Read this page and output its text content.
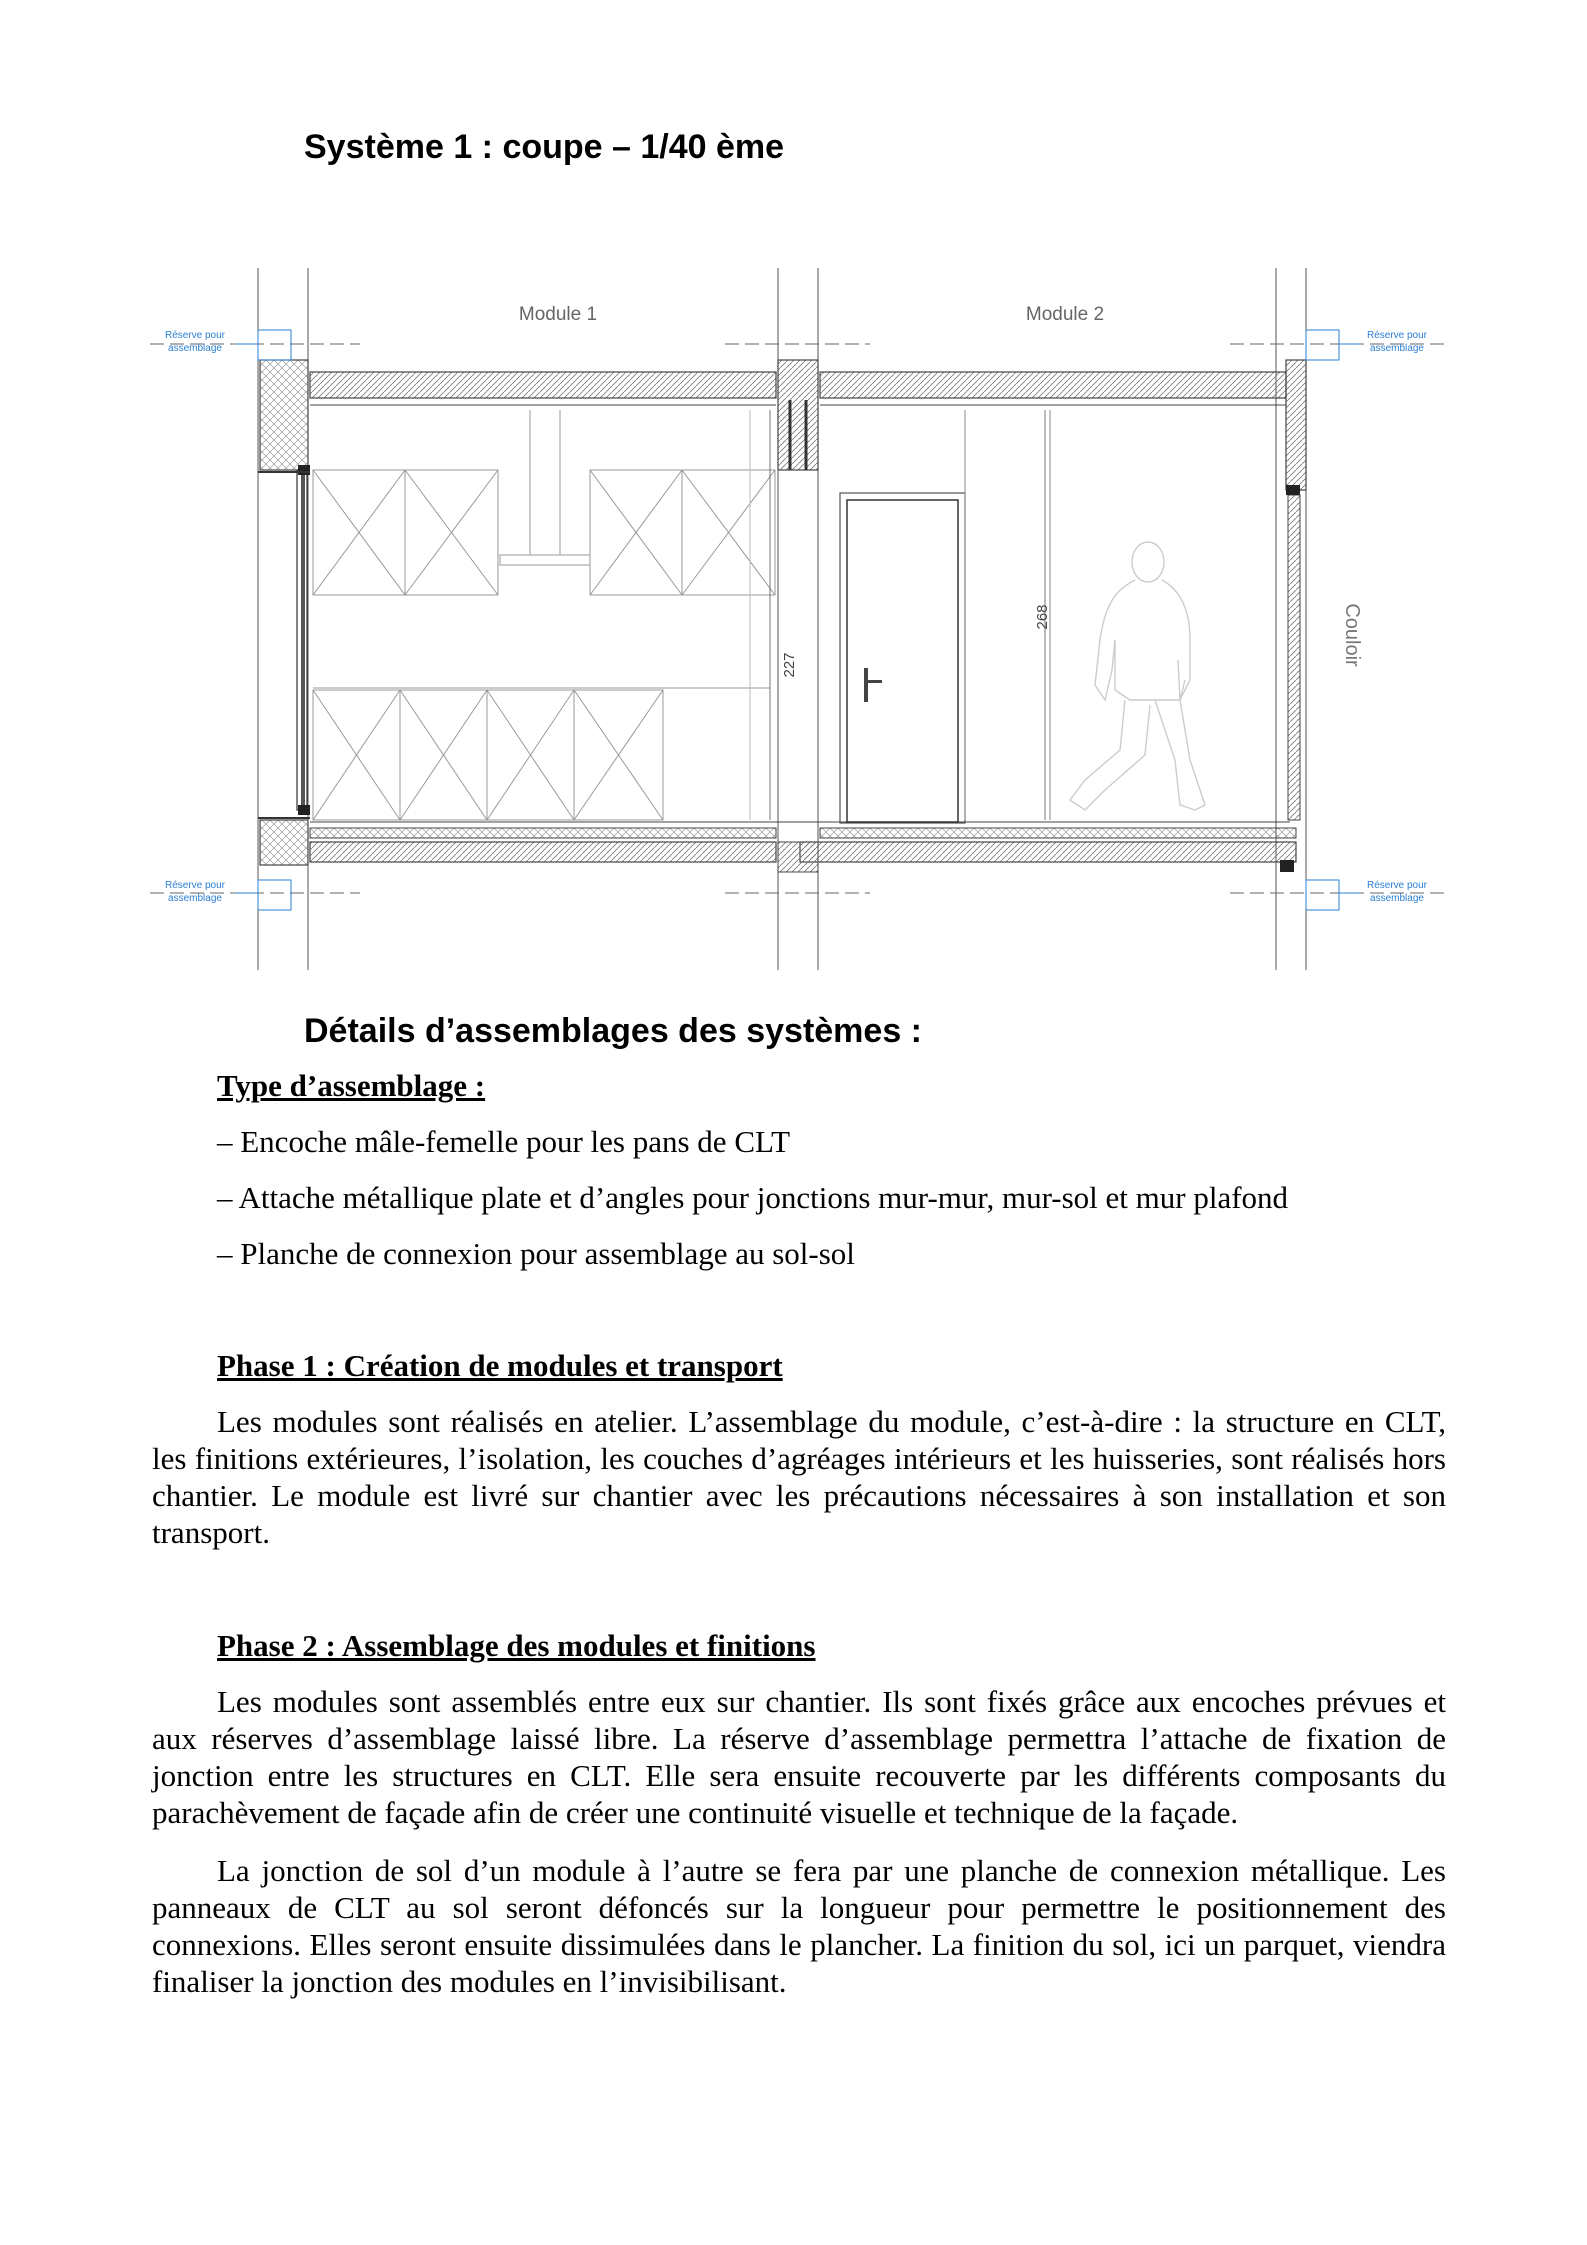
Système 1 : coupe – 1/40 ème
227
268
Réserve pour
assemblage
Réserve pour
assemblage
Réserve pour
assemblage
Réserve pour
assemblage
Module 1	Module 2
Couloir
Détails d’assemblages des systèmes :
Type d’assemblage :
– Encoche mâle-femelle pour les pans de CLT
– Attache métallique plate et d’angles pour jonctions mur-mur, mur-sol et mur plafond
– Planche de connexion pour assemblage au sol-sol
Phase 1 : Création de modules et transport
Les modules sont réalisés en atelier. L’assemblage du module, c’est-à-dire : la structure en CLT, les finitions extérieures, l’isolation, les couches d’agréages intérieurs et les huisseries, sont réalisés hors chantier. Le module est livré sur chantier avec les précautions nécessaires à son installation et son transport.
Phase 2 : Assemblage des modules et finitions
Les modules sont assemblés entre eux sur chantier. Ils sont fixés grâce aux encoches prévues et aux réserves d’assemblage laissé libre. La réserve d’assemblage permettra l’attache de fixation de jonction entre les structures en CLT. Elle sera ensuite recouverte par les différents composants du parachèvement de façade afin de créer une continuité visuelle et technique de la façade.
La jonction de sol d’un module à l’autre se fera par une planche de connexion métallique. Les panneaux de CLT au sol seront défoncés sur la longueur pour permettre le positionnement des connexions. Elles seront ensuite dissimulées dans le plancher. La finition du sol, ici un parquet, viendra finaliser la jonction des modules en l’invisibilisant.
